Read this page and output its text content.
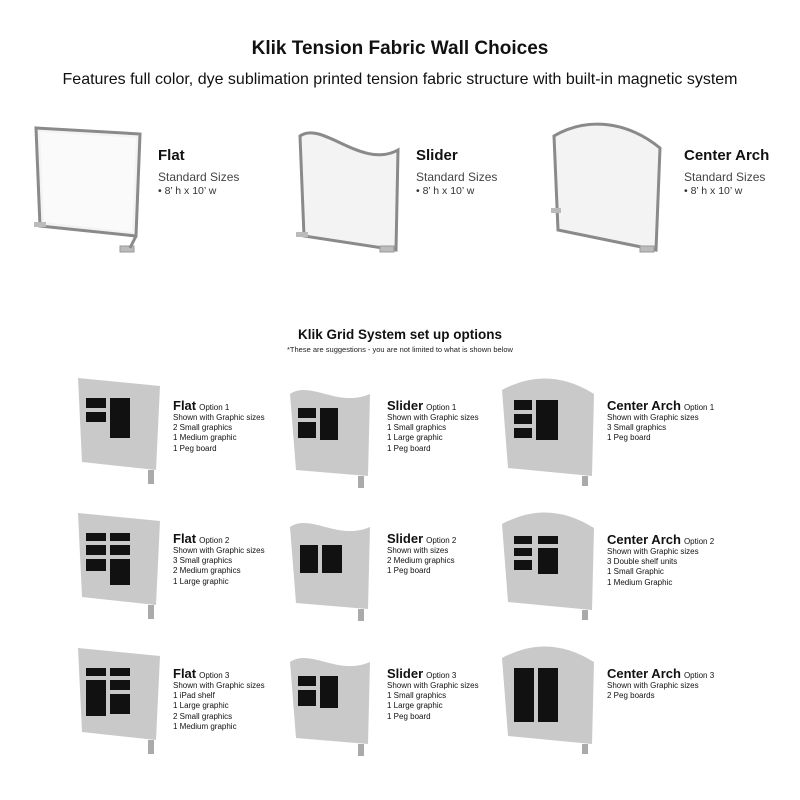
Klik Tension Fabric Wall Choices
Features full color, dye sublimation printed tension fabric structure with built-in magnetic system
Flat
Standard Sizes
• 8’ h x 10’ w
Slider
Standard Sizes
• 8’ h x 10’ w
Center Arch
Standard Sizes
• 8’ h x 10’ w
Klik Grid System set up options
*These are suggestions - you are not limited to what is shown below
Flat Option 1
Shown with Graphic sizes
2 Small graphics
1 Medium graphic
1 Peg board
Slider Option 1
Shown with Graphic sizes
1 Small graphics
1 Large graphic
1 Peg board
Center Arch Option 1
Shown with Graphic sizes
3 Small graphics
1 Peg board
Flat Option 2
Shown with Graphic sizes
3 Small graphics
2 Medium graphics
1 Large graphic
Slider Option 2
Shown with sizes
2 Medium graphics
1 Peg board
Center Arch Option 2
Shown with Graphic sizes
3 Double shelf units
1 Small Graphic
1 Medium Graphic
Flat Option 3
Shown with Graphic sizes
1 iPad shelf
1 Large graphic
2 Small graphics
1 Medium graphic
Slider Option 3
Shown with Graphic sizes
1 Small graphics
1 Large graphic
1 Peg board
Center Arch Option 3
Shown with Graphic sizes
2 Peg boards
